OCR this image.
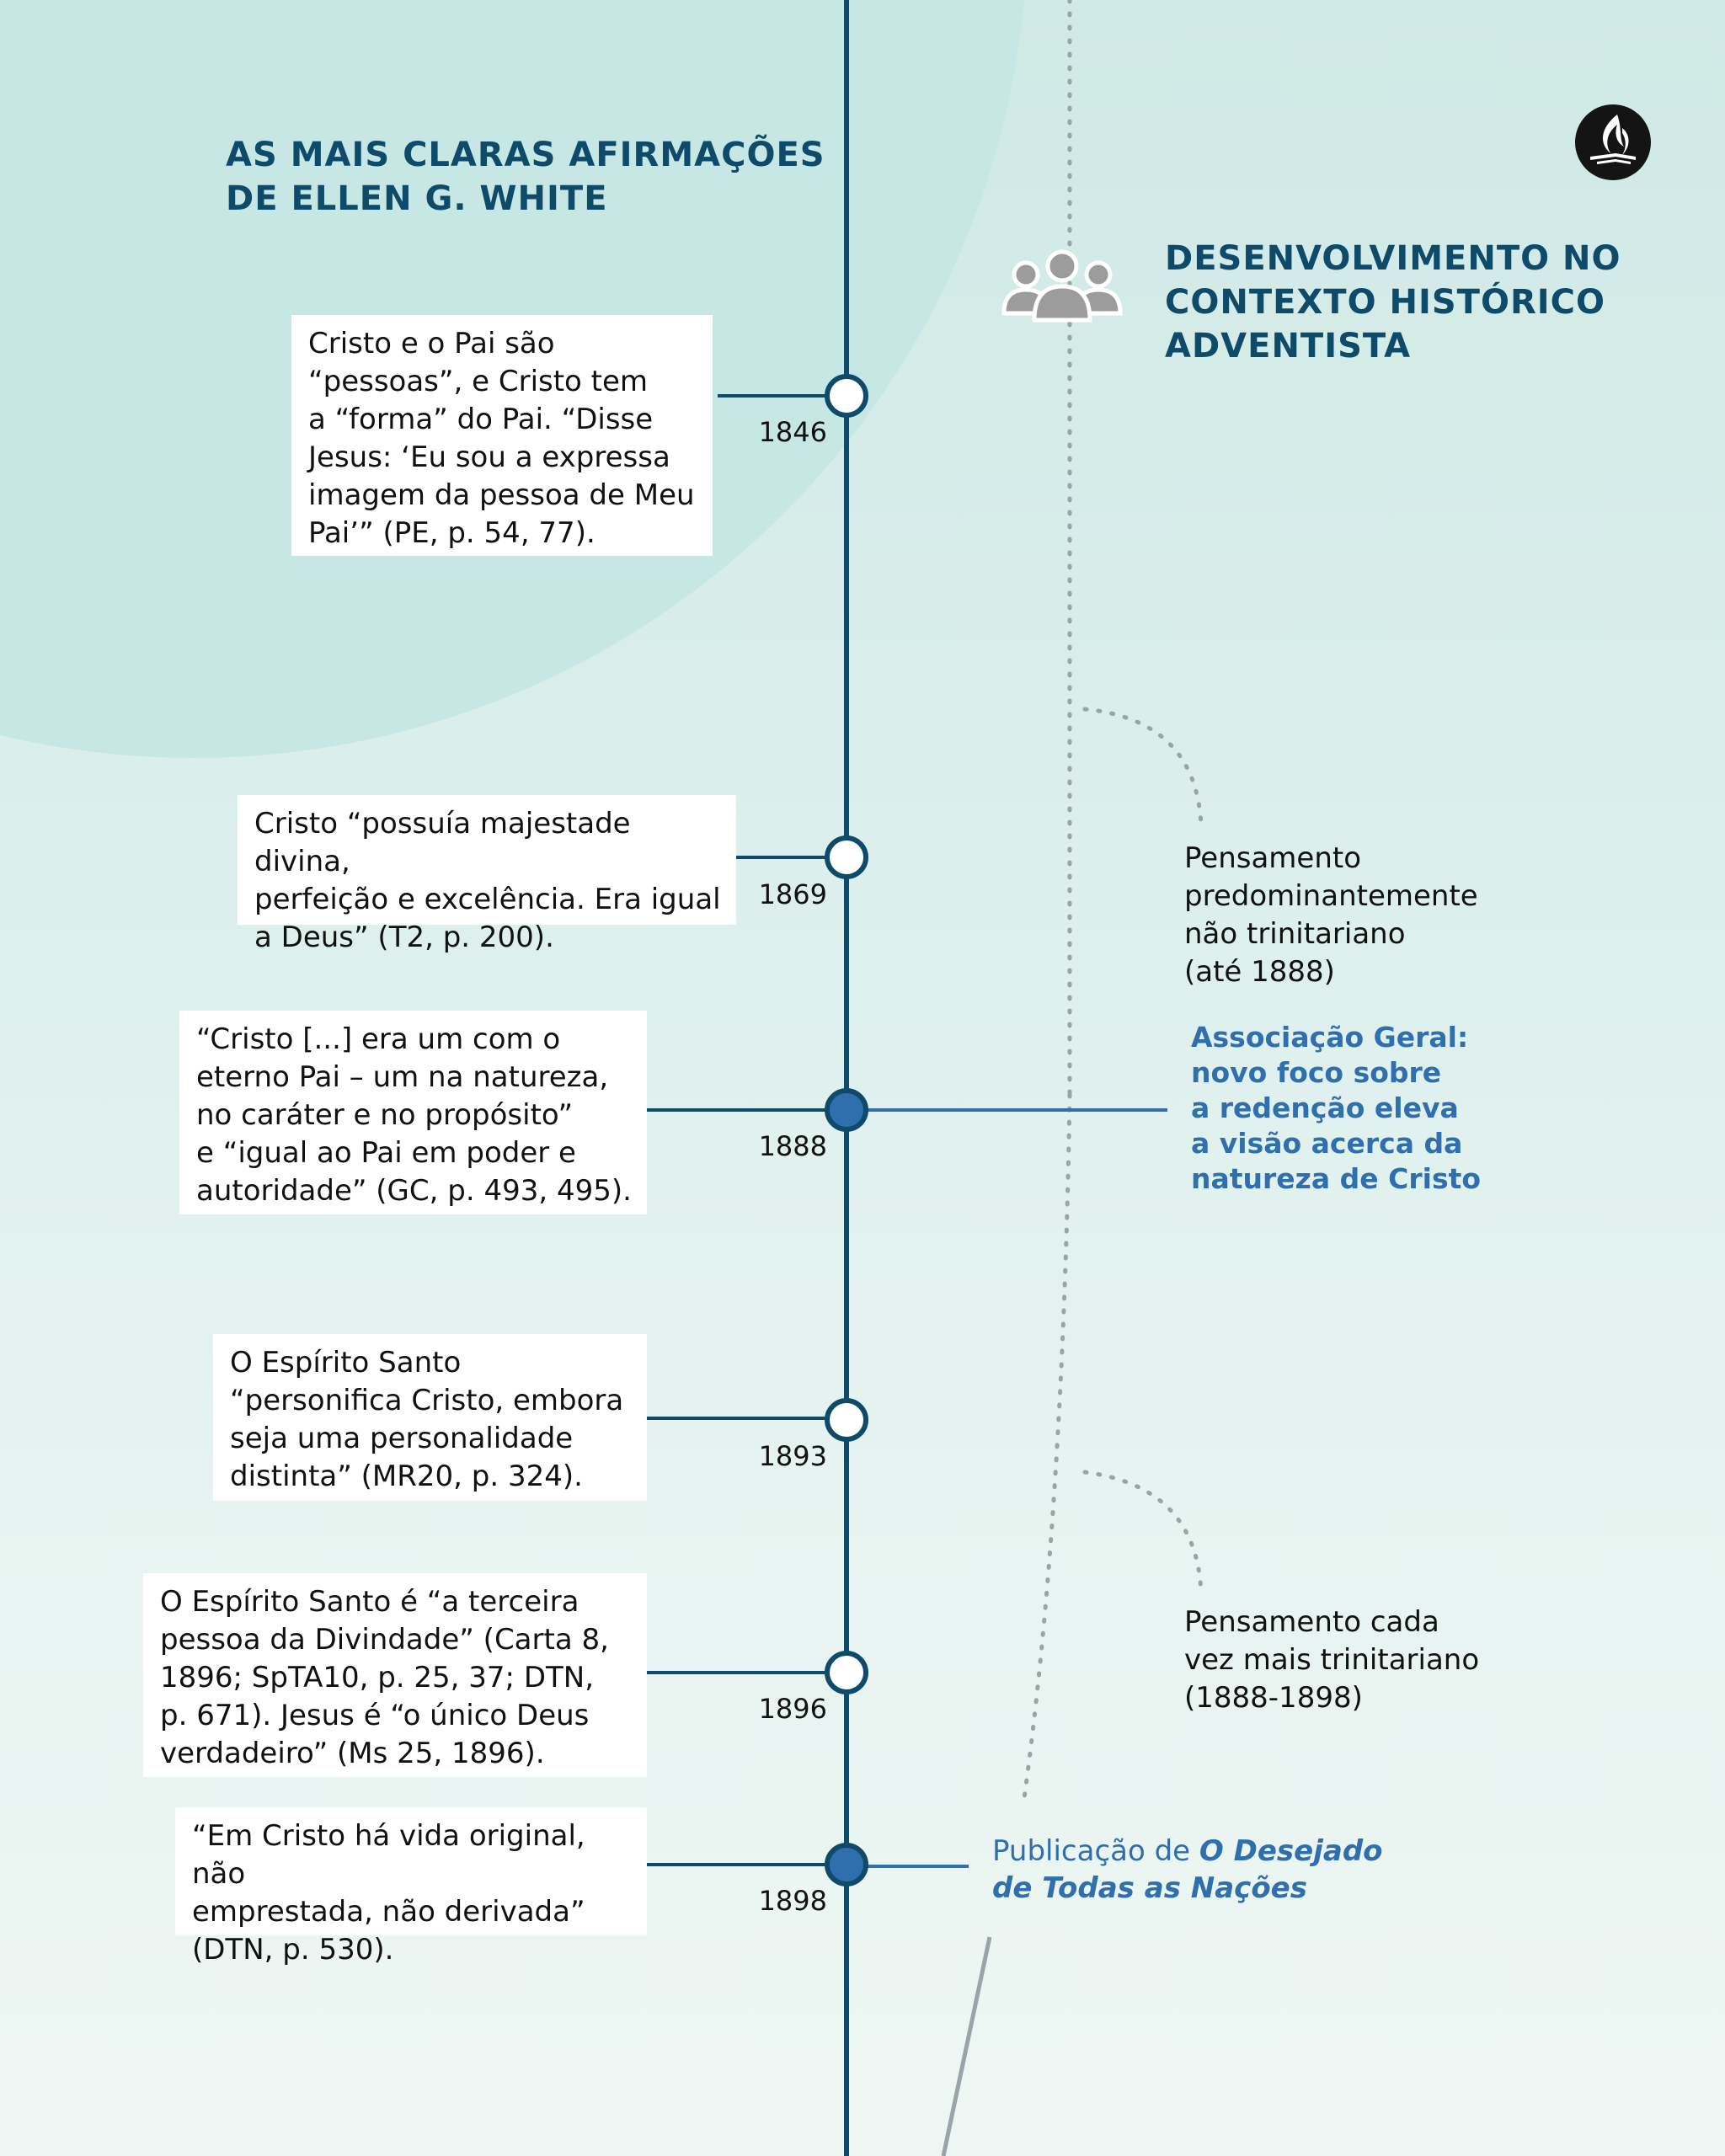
AS MAIS CLARAS AFIRMAÇÕES
DE ELLEN G. WHITE
DESENVOLVIMENTO NO
CONTEXTO HISTÓRICO
ADVENTISTA
Cristo e o Pai são
“pessoas”, e Cristo tem
a “forma” do Pai. “Disse
Jesus: ‘Eu sou a expressa
imagem da pessoa de Meu
Pai’” (PE, p. 54, 77).
Cristo “possuía majestade divina,
perfeição e excelência. Era igual
a Deus” (T2, p. 200).
“Cristo [...] era um com o
eterno Pai – um na natureza,
no caráter e no propósito”
e “igual ao Pai em poder e
autoridade” (GC, p. 493, 495).
O Espírito Santo
“personifica Cristo, embora
seja uma personalidade
distinta” (MR20, p. 324).
O Espírito Santo é “a terceira
pessoa da Divindade” (Carta 8,
1896; SpTA10, p. 25, 37; DTN,
p. 671). Jesus é “o único Deus
verdadeiro” (Ms 25, 1896).
“Em Cristo há vida original, não
emprestada, não derivada”
(DTN, p. 530).
1846
1869
1888
1893
1896
1898
Pensamento
predominantemente
não trinitariano
(até 1888)
Associação Geral:
novo foco sobre
a redenção eleva
a visão acerca da
natureza de Cristo
Pensamento cada
vez mais trinitariano
(1888-1898)
Publicação de O Desejado
de Todas as Nações
